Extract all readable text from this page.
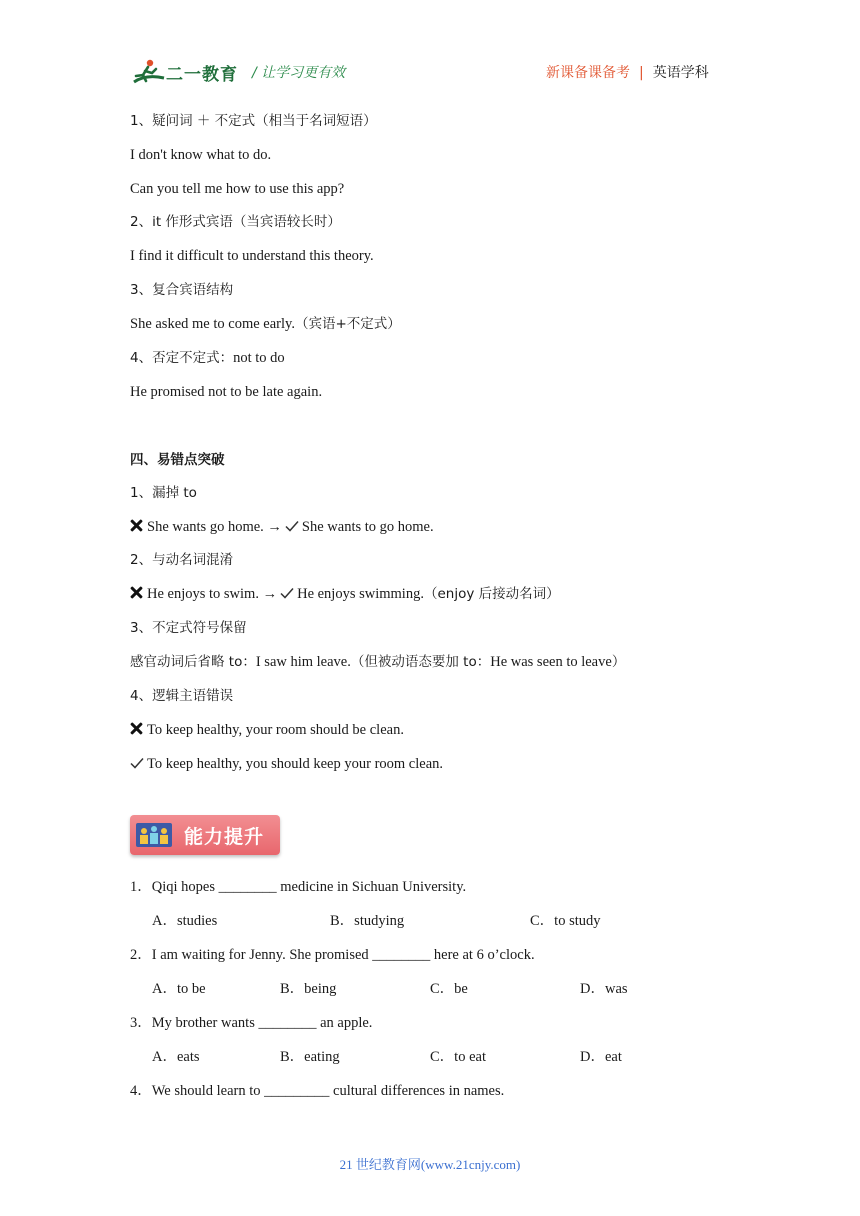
二一教育 / 让学习更有效	新课备课备考 | 英语学科
1、疑问词 ＋ 不定式（相当于名词短语）
I don't know what to do.
Can you tell me how to use this app?
2、it 作形式宾语（当宾语较长时）
I find it difficult to understand this theory.
3、复合宾语结构
She asked me to come early.（宾语+不定式）
4、否定不定式：not to do
He promised not to be late again.
四、易错点突破
1、漏掉 to
She wants go home. → She wants to go home.
2、与动名词混淆
He enjoys to swim. → He enjoys swimming.（enjoy 后接动名词）
3、不定式符号保留
感官动词后省略 to：I saw him leave.（但被动语态要加 to：He was seen to leave）
4、逻辑主语错误
To keep healthy, your room should be clean.
To keep healthy, you should keep your room clean.
能力提升
1．Qiqi hopes ________ medicine in Sichuan University.
A．studies	B．studying	C．to study
2．I am waiting for Jenny. She promised ________ here at 6 o’clock.
A．to be	B．being	C．be	D．was
3．My brother wants ________ an apple.
A．eats	B．eating	C．to eat	D．eat
4．We should learn to _________ cultural differences in names.
21 世纪教育网(www.21cnjy.com)
